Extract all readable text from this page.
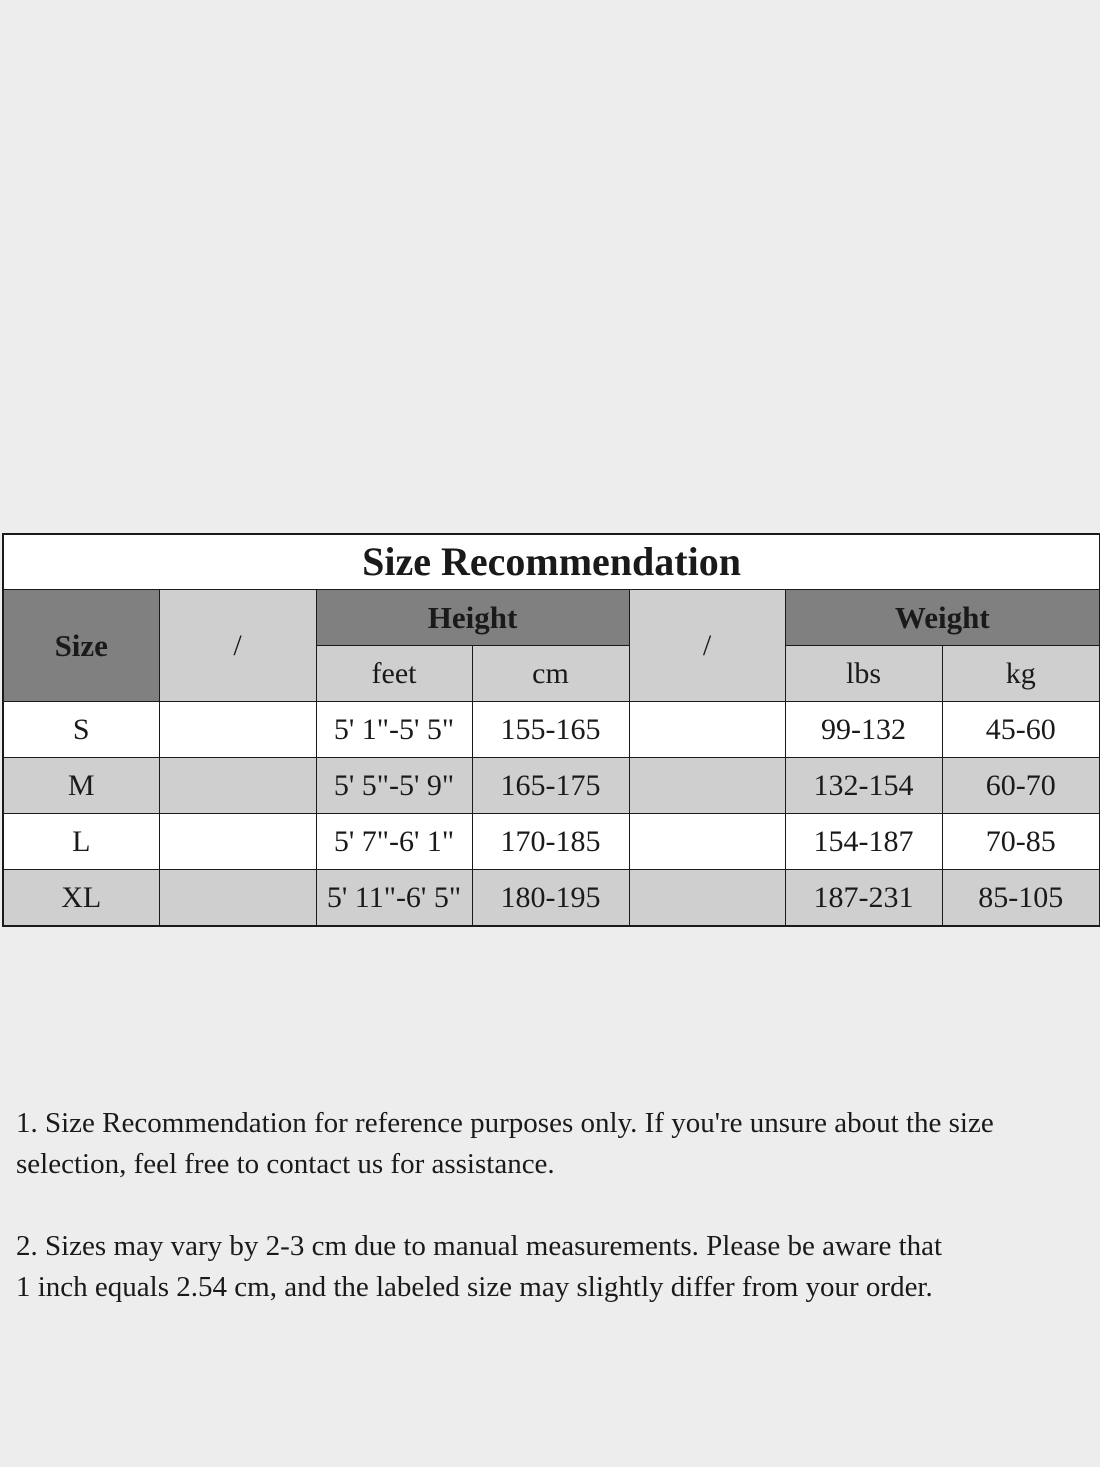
Size Recommendation						
Size	/	Height		/	Weight	
		feet	cm		lbs	kg
S		5' 1"-5' 5"	155-165		99-132	45-60
M		5' 5"-5' 9"	165-175		132-154	60-70
L		5' 7"-6' 1"	170-185		154-187	70-85
XL		5' 11"-6' 5"	180-195		187-231	85-105

1. Size Recommendation for reference purposes only. If you're unsure about the size
selection, feel free to contact us for assistance.

2. Sizes may vary by 2-3 cm due to manual measurements. Please be aware that
1 inch equals 2.54 cm, and the labeled size may slightly differ from your order.
